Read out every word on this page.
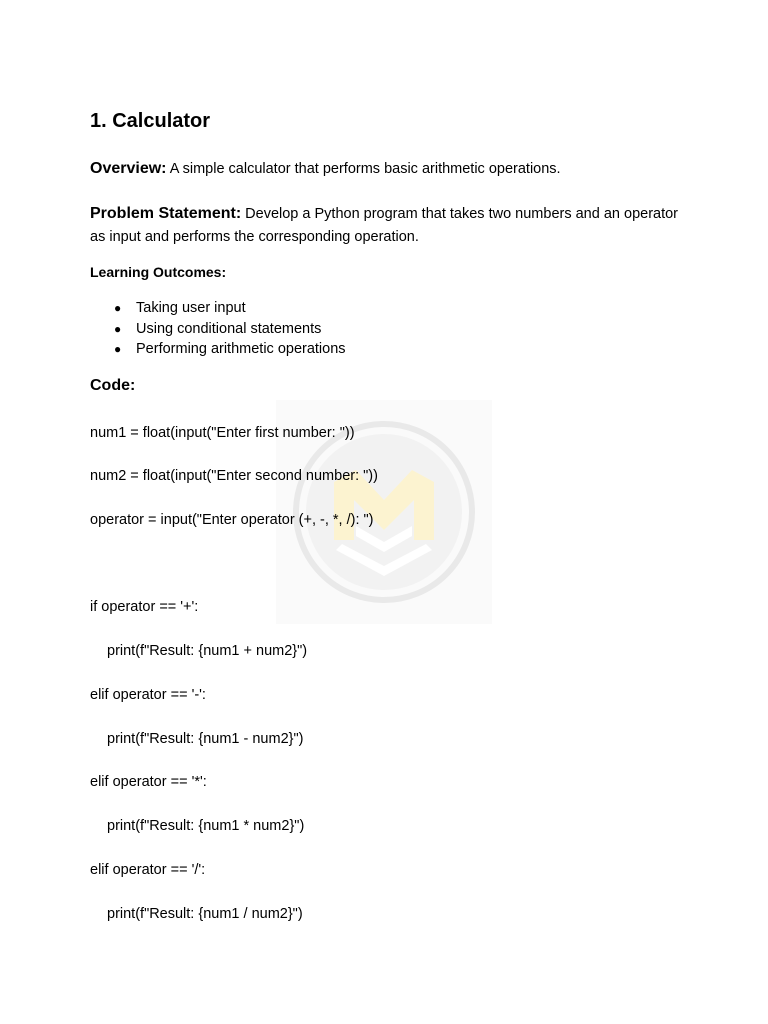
1. Calculator

Overview: A simple calculator that performs basic arithmetic operations.

Problem Statement: Develop a Python program that takes two numbers and an operator as input and performs the corresponding operation.

Learning Outcomes:
● Taking user input
● Using conditional statements
● Performing arithmetic operations
Code:
num1 = float(input("Enter first number: "))
num2 = float(input("Enter second number: "))
operator = input("Enter operator (+, -, *, /): ")
if operator == '+':
print(f"Result: {num1 + num2}")
elif operator == '-':
print(f"Result: {num1 - num2}")
elif operator == '*':
print(f"Result: {num1 * num2}")
elif operator == '/':
print(f"Result: {num1 / num2}")
